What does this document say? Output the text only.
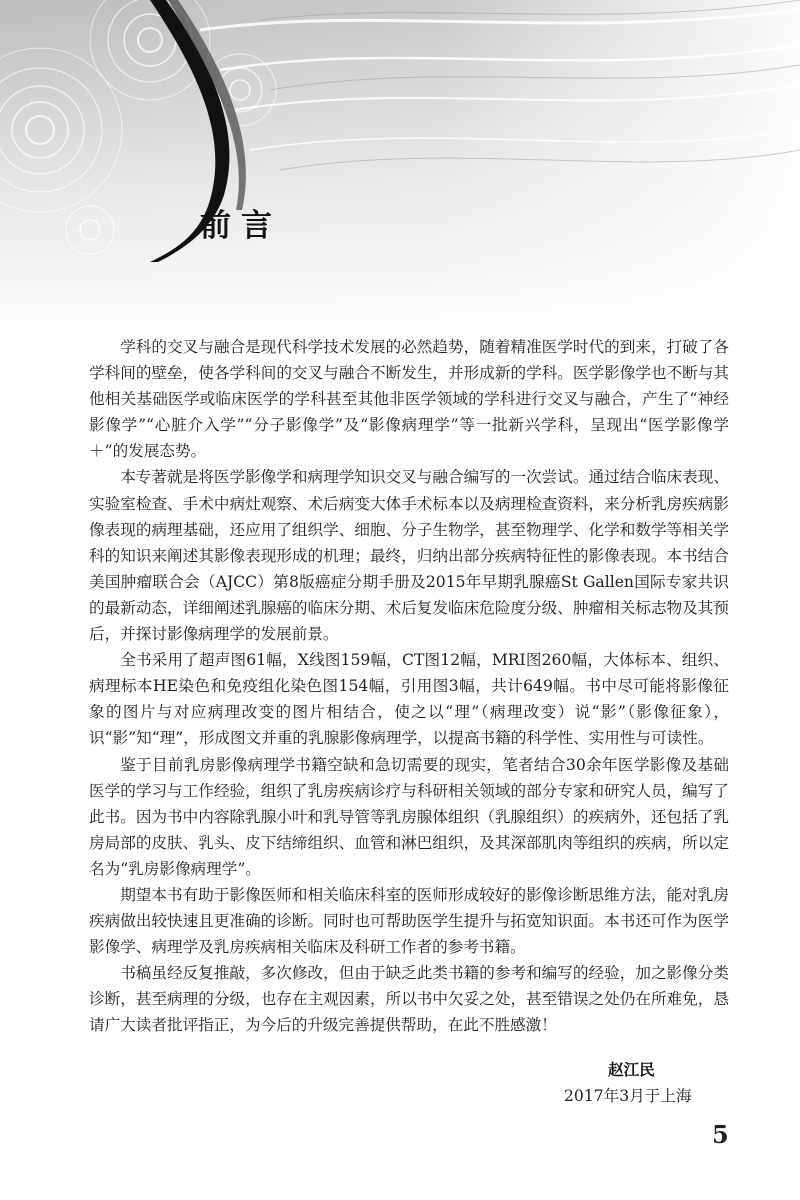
前言

学科的交叉与融合是现代科学技术发展的必然趋势，随着精准医学时代的到来，打破了各学科间的壁垒，使各学科间的交叉与融合不断发生，并形成新的学科。医学影像学也不断与其他相关基础医学或临床医学的学科甚至其他非医学领域的学科进行交叉与融合，产生了“神经影像学”“心脏介入学”“分子影像学”及“影像病理学”等一批新兴学科，呈现出“医学影像学＋”的发展态势。

本专著就是将医学影像学和病理学知识交叉与融合编写的一次尝试。通过结合临床表现、实验室检查、手术中病灶观察、术后病变大体手术标本以及病理检查资料，来分析乳房疾病影像表现的病理基础，还应用了组织学、细胞、分子生物学，甚至物理学、化学和数学等相关学科的知识来阐述其影像表现形成的机理；最终，归纳出部分疾病特征性的影像表现。本书结合美国肿瘤联合会（AJCC）第8版癌症分期手册及2015年早期乳腺癌St Gallen国际专家共识的最新动态，详细阐述乳腺癌的临床分期、术后复发临床危险度分级、肿瘤相关标志物及其预后，并探讨影像病理学的发展前景。

全书采用了超声图61幅，X线图159幅，CT图12幅，MRI图260幅，大体标本、组织、病理标本HE染色和免疫组化染色图154幅，引用图3幅，共计649幅。书中尽可能将影像征象的图片与对应病理改变的图片相结合，使之以“理”（病理改变）说“影”（影像征象），识“影”知“理”，形成图文并重的乳腺影像病理学，以提高书籍的科学性、实用性与可读性。

鉴于目前乳房影像病理学书籍空缺和急切需要的现实，笔者结合30余年医学影像及基础医学的学习与工作经验，组织了乳房疾病诊疗与科研相关领域的部分专家和研究人员，编写了此书。因为书中内容除乳腺小叶和乳导管等乳房腺体组织（乳腺组织）的疾病外，还包括了乳房局部的皮肤、乳头、皮下结缔组织、血管和淋巴组织，及其深部肌肉等组织的疾病，所以定名为“乳房影像病理学”。

期望本书有助于影像医师和相关临床科室的医师形成较好的影像诊断思维方法，能对乳房疾病做出较快速且更准确的诊断。同时也可帮助医学生提升与拓宽知识面。本书还可作为医学影像学、病理学及乳房疾病相关临床及科研工作者的参考书籍。

书稿虽经反复推敲，多次修改，但由于缺乏此类书籍的参考和编写的经验，加之影像分类诊断，甚至病理的分级，也存在主观因素，所以书中欠妥之处，甚至错误之处仍在所难免，恳请广大读者批评指正，为今后的升级完善提供帮助，在此不胜感激！

赵江民
2017年3月于上海
5
